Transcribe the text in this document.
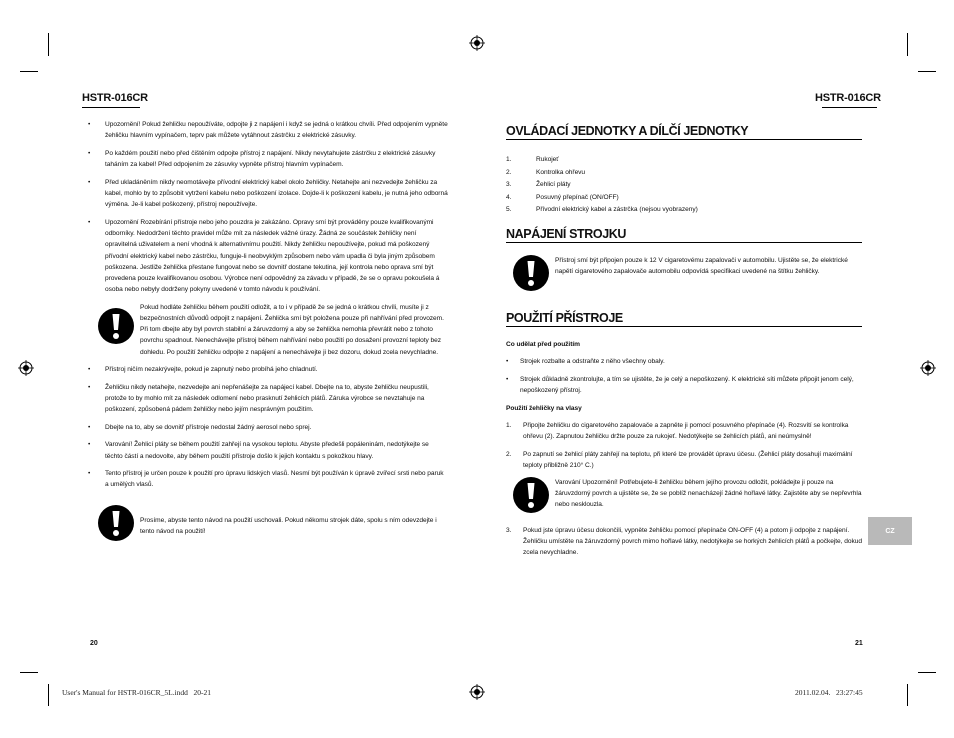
HSTR-016CR	HSTR-016CR
• Upozornění! Pokud žehličku nepoužíváte, odpojte ji z napájení i když se jedná o krátkou chvíli. Před odpojením vypněte žehličku hlavním vypínačem, teprv pak můžete vytáhnout zástrčku z elektrické zásuvky.
• Po každém použití nebo před čištěním odpojte přístroj z napájení. Nikdy nevytahujete zástrčku z elektrické zásuvky taháním za kabel! Před odpojením ze zásuvky vypněte přístroj hlavním vypínačem.
• Před ukladáněním nikdy neomotávejte přívodní elektrický kabel okolo žehličky. Netahejte ani nezvedejte žehličku za kabel, mohlo by to způsobit vytržení kabelu nebo poškození izolace. Dojde-li k poškození kabelu, je nutná jeho odborná výměna. Je-li kabel poškozený, přístroj nepoužívejte.
• Upozornění Rozebírání přístroje nebo jeho pouzdra je zakázáno. Opravy smí být prováděny pouze kvalifikovanými odborníky. Nedodržení těchto pravidel může mít za následek vážné úrazy. Žádná ze součástek žehličky není opravitelná uživatelem a není vhodná k alternativnímu použití. Nikdy žehličku nepoužívejte, pokud má poškozený přívodní elektrický kabel nebo zástrčku, funguje-li neobvyklým způsobem nebo vám upadla či byla jiným způsobem poškozena. Jestliže žehlička přestane fungovat nebo se dovnitř dostane tekutina, její kontrola nebo oprava smí být provedena pouze kvalifikovanou osobou. Výrobce není odpovědný za závadu v případě, že se o opravu pokoušela á osoba nebo nebyly dodrženy pokyny uvedené v tomto návodu k používání.
Pokud hodláte žehličku během použití odložit, a to i v případě že se jedná o krátkou chvíli, musíte ji z bezpečnostních důvodů odpojit z napájení. Žehlička smí být položena pouze při nahřívání před provozem. Při tom dbejte aby byl povrch stabilní a žáruvzdorný a aby se žehlička nemohla převrátit nebo z tohoto povrchu spadnout. Nenechávejte přístroj během nahřívání nebo použití po dosažení provozní teploty bez dohledu. Po použití žehličku odpojte z napájení a nenechávejte ji bez dozoru, dokud zcela nevychladne.
• Přístroj ničím nezakrývejte, pokud je zapnutý nebo probíhá jeho chladnutí.
• Žehličku nikdy netahejte, nezvedejte ani nepřenášejte za napájecí kabel. Dbejte na to, abyste žehličku neupustili, protože to by mohlo mít za následek odlomení nebo prasknutí žehlicích plátů. Zárukа výrobce se nevztahuje na poškození, způsobená pádem žehličky nebo jejím nesprávným použitím.
• Dbejte na to, aby se dovnitř přístroje nedostal žádný aerosol nebo sprej.
• Varování! Žehlicí pláty se během použití zahřejí na vysokou teplotu. Abyste předešli popáleninám, nedotýkejte se těchto částí a nedovolte, aby během použití přístroje došlo k jejich kontaktu s pokožkou hlavy.
• Tento přístroj je určen pouze k použití pro úpravu lidských vlasů. Nesmí být používán k úpravě zvířecí srsti nebo paruk a umělých vlasů.
Prosíme, abyste tento návod na použití uschovali. Pokud někomu strojek dáte, spolu s ním odevzdejte i tento návod na použití!
20
OVLÁDACÍ JEDNOTKY A DÍLČÍ JEDNOTKY
1.	Rukojeť
2.	Kontrolka ohřevu
3.	Žehlicí pláty
4.	Posuvný přepínač (ON/OFF)
5.	Přívodní elektrický kabel a zástrčka (nejsou vyobrazeny)
NAPÁJENÍ STROJKU
Přístroj smí být připojen pouze k 12 V cigaretovému zapalovači v automobilu. Ujistěte se, že elektrické napětí cigaretového zapalovače automobilu odpovídá specifikaci uvedené na štítku žehličky.
POUŽITÍ PŘÍSTROJE
Co udělat před použitím
• Strojek rozbalte a odstraňte z něho všechny obaly.
• Strojek důkladně zkontrolujte, a tím se ujistěte, že je celý a nepoškozený. K elektrické síti můžete připojit jenom celý, nepoškozený přístroj.
Použití žehličky na vlasy
1. Připojte žehličku do cigaretového zapalovače a zapněte ji pomocí posuvného přepínače (4). Rozsvítí se kontrolka ohřevu (2). Zapnutou žehličku držte pouze za rukojeť. Nedotýkejte se žehlicích plátů, ani neúmyslně!
2. Po zapnutí se žehlicí pláty zahřejí na teplotu, při které lze provádět úpravu účesu. (Žehlicí pláty dosahují maximální teploty přibližně 210° C.)
Varování Upozornění! Potřebujete-li žehličku během jejího provozu odložit, pokládejte ji pouze na žáruvzdorný povrch a ujistěte se, že se poblíž nenacházejí žádné hořlavé látky. Zajistěte aby se nepřevrhla nebo nesklouzla.
3. Pokud jste úpravu účesu dokončili, vypněte žehličku pomocí přepínače ON-OFF (4) a potom ji odpojte z napájení. Žehličku umístěte na žáruvzdorný povrch mimo hořlavé látky, nedotýkejte se horkých žehlicích plátů a počkejte, dokud zcela nevychladne.
21
CZ
User's Manual for HSTR-016CR_5L.indd   20-21	2011.02.04.   23:27:45
